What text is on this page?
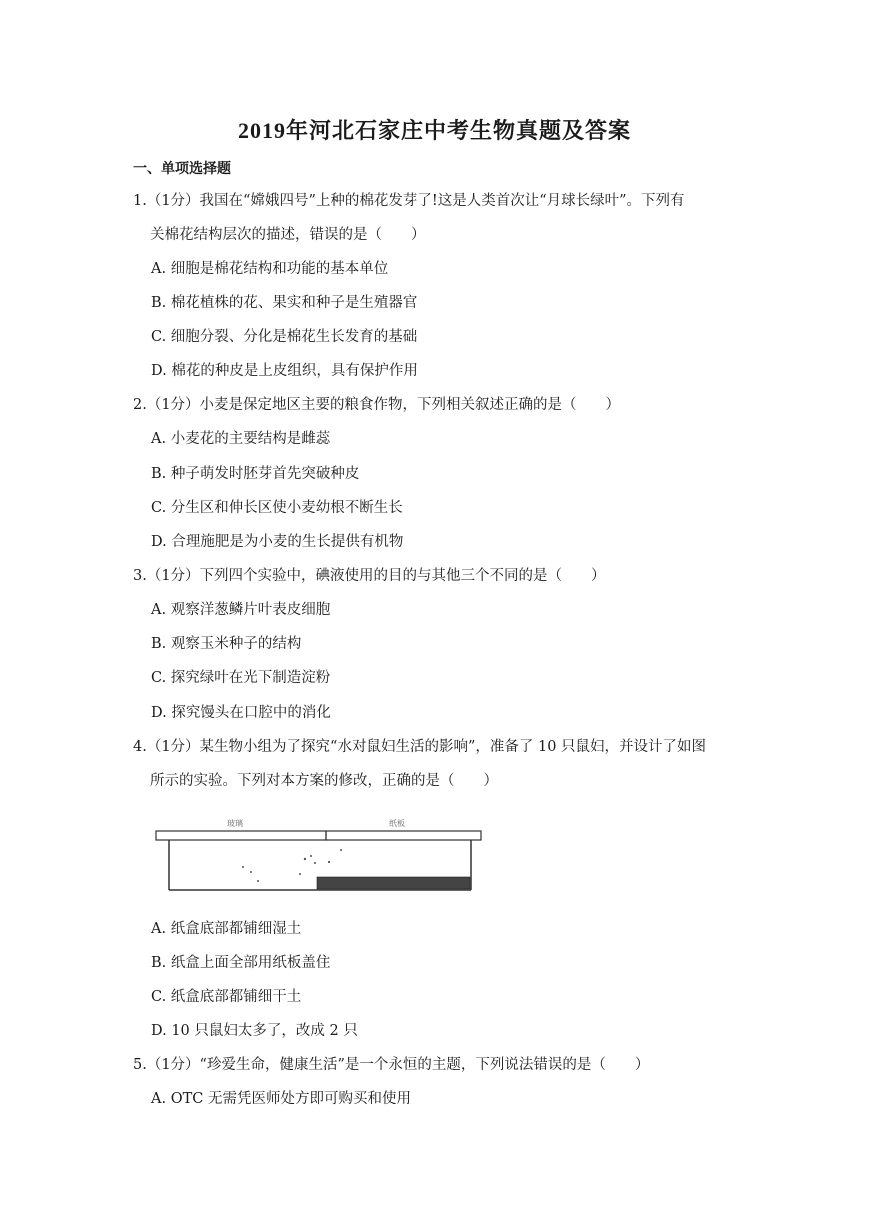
2019年河北石家庄中考生物真题及答案
一、单项选择题
1.（1分）我国在“嫦娥四号”上种的棉花发芽了!这是人类首次让“月球长绿叶”。下列有
关棉花结构层次的描述，错误的是（　　）
A. 细胞是棉花结构和功能的基本单位
B. 棉花植株的花、果实和种子是生殖器官
C. 细胞分裂、分化是棉花生长发育的基础
D. 棉花的种皮是上皮组织，具有保护作用
2.（1分）小麦是保定地区主要的粮食作物，下列相关叙述正确的是（　　）
A. 小麦花的主要结构是雌蕊
B. 种子萌发时胚芽首先突破种皮
C. 分生区和伸长区使小麦幼根不断生长
D. 合理施肥是为小麦的生长提供有机物
3.（1分）下列四个实验中，碘液使用的目的与其他三个不同的是（　　）
A. 观察洋葱鳞片叶表皮细胞
B. 观察玉米种子的结构
C. 探究绿叶在光下制造淀粉
D. 探究馒头在口腔中的消化
4.（1分）某生物小组为了探究“水对鼠妇生活的影响”，准备了 10 只鼠妇，并设计了如图
所示的实验。下列对本方案的修改，正确的是（　　）
玻璃	纸板
A. 纸盒底部都铺细湿土
B. 纸盒上面全部用纸板盖住
C. 纸盒底部都铺细干土
D. 10 只鼠妇太多了，改成 2 只
5.（1分）“珍爱生命，健康生活”是一个永恒的主题，下列说法错误的是（　　）
A. OTC 无需凭医师处方即可购买和使用
